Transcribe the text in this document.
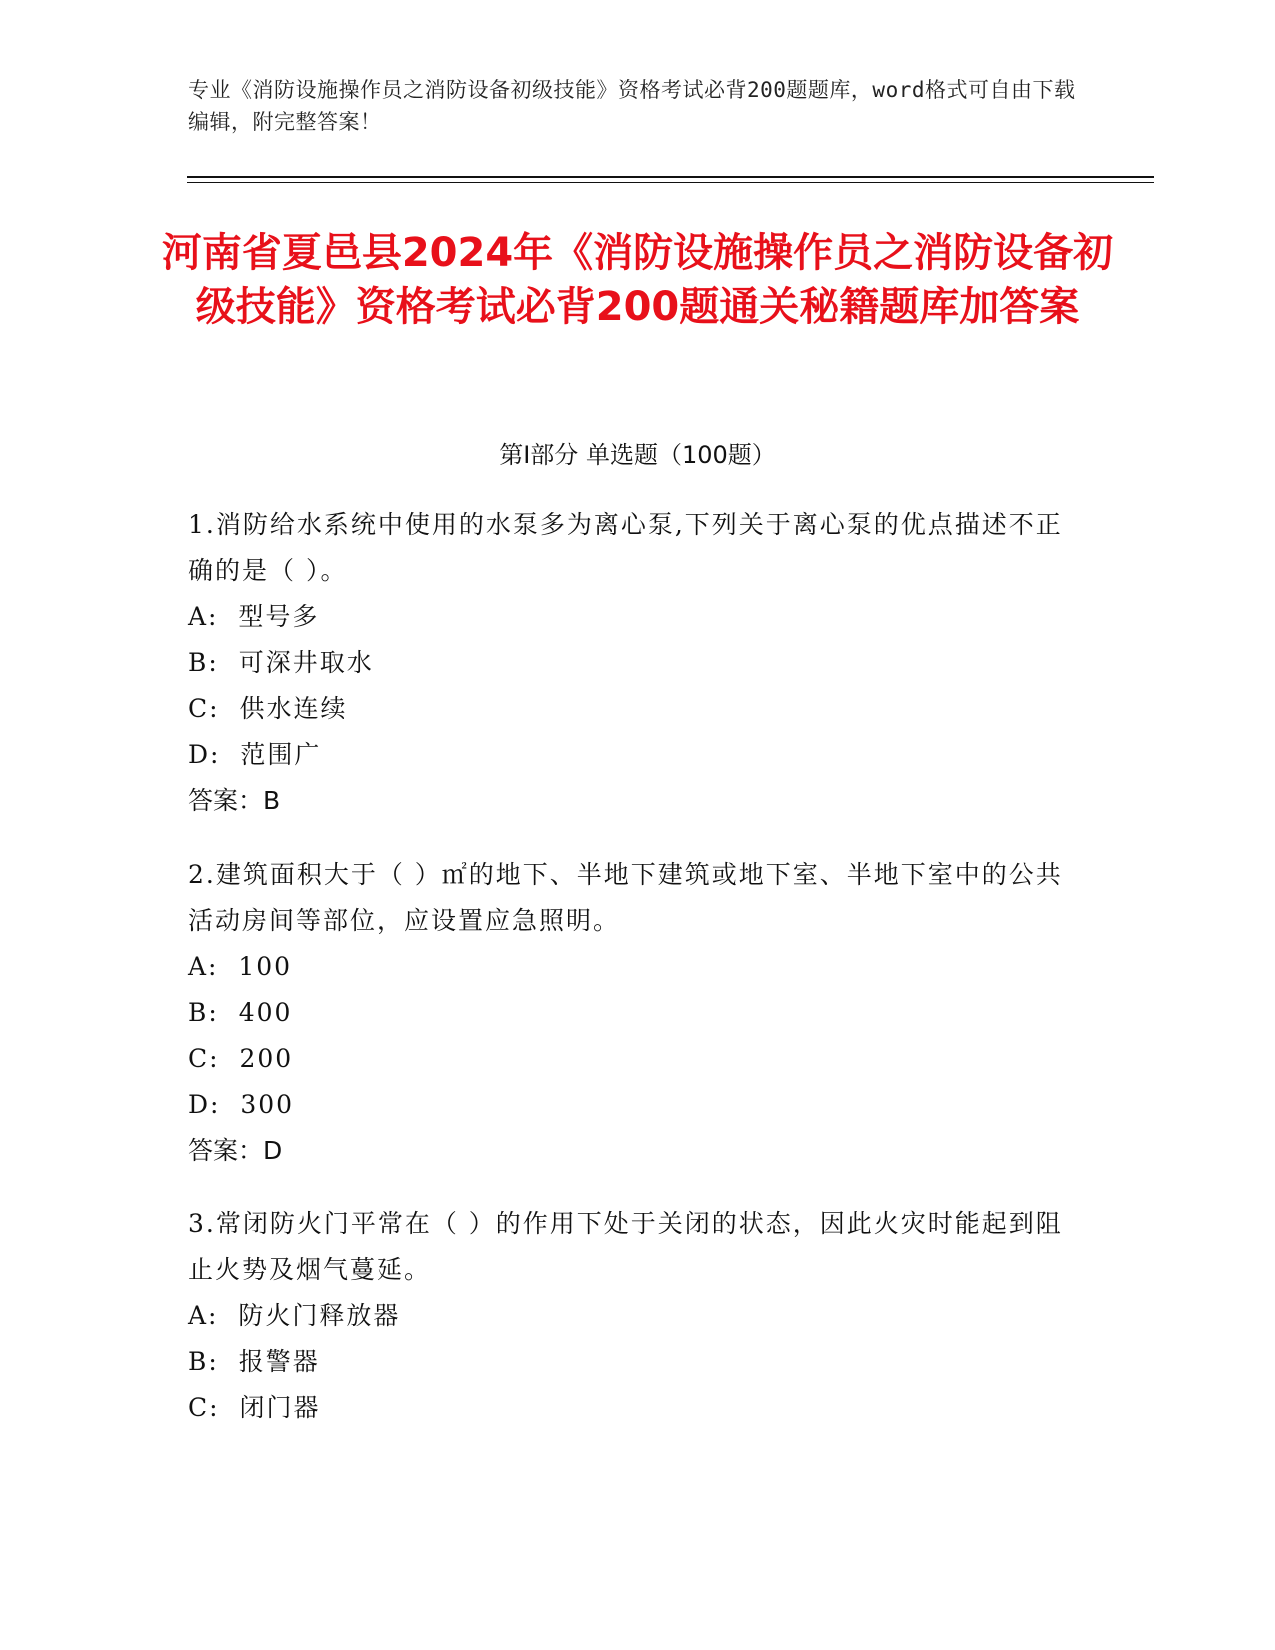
专业《消防设施操作员之消防设备初级技能》资格考试必背200题题库，word格式可自由下载编辑，附完整答案！
河南省夏邑县2024年《消防设施操作员之消防设备初级技能》资格考试必背200题通关秘籍题库加答案
第Ⅰ部分 单选题（100题）
1.消防给水系统中使用的水泵多为离心泵,下列关于离心泵的优点描述不正确的是（ ）。
A:  型号多
B:  可深井取水
C:  供水连续
D:  范围广
答案：B
2.建筑面积大于（ ）㎡的地下、半地下建筑或地下室、半地下室中的公共活动房间等部位，应设置应急照明。
A:  100
B:  400
C:  200
D:  300
答案：D
3.常闭防火门平常在（ ）的作用下处于关闭的状态，因此火灾时能起到阻止火势及烟气蔓延。
A:  防火门释放器
B:  报警器
C:  闭门器
